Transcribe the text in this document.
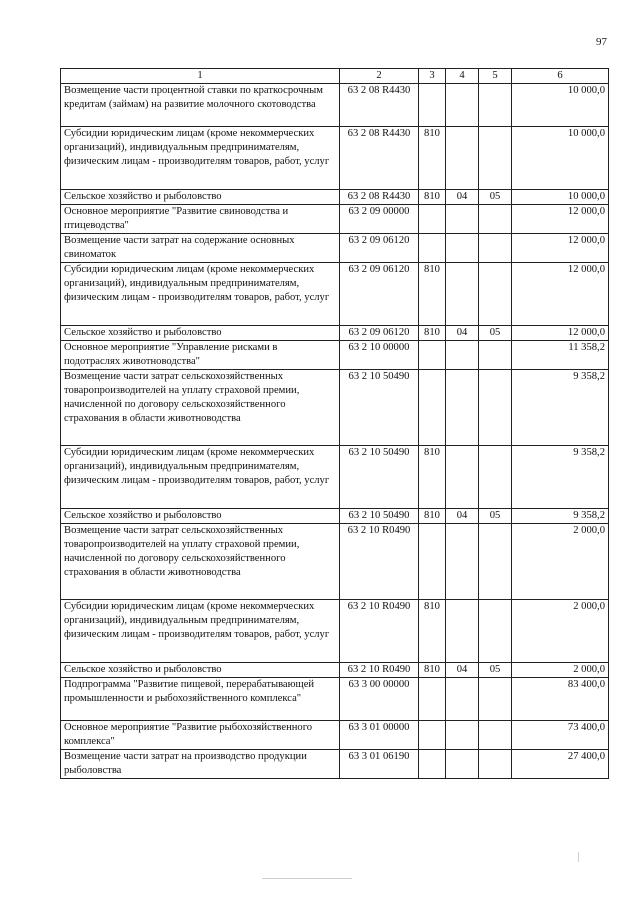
97
1	2	3	4	5	6
Возмещение части процентной ставки по краткосрочным кредитам (займам) на развитие молочного скотоводства	63 2 08 R4430				10 000,0
Субсидии юридическим лицам (кроме некоммерческих организаций), индивидуальным предпринимателям, физическим лицам - производителям товаров, работ, услуг	63 2 08 R4430	810			10 000,0
Сельское хозяйство и рыболовство	63 2 08 R4430	810	04	05	10 000,0
Основное мероприятие "Развитие свиноводства и птицеводства"	63 2 09 00000				12 000,0
Возмещение части затрат на содержание основных свиноматок	63 2 09 06120				12 000,0
Субсидии юридическим лицам (кроме некоммерческих организаций), индивидуальным предпринимателям, физическим лицам - производителям товаров, работ, услуг	63 2 09 06120	810			12 000,0
Сельское хозяйство и рыболовство	63 2 09 06120	810	04	05	12 000,0
Основное мероприятие "Управление рисками в подотраслях животноводства"	63 2 10 00000				11 358,2
Возмещение части затрат сельскохозяйственных товаропроизводителей на уплату страховой премии, начисленной по договору сельскохозяйственного страхования в области животноводства	63 2 10 50490				9 358,2
Субсидии юридическим лицам (кроме некоммерческих организаций), индивидуальным предпринимателям, физическим лицам - производителям товаров, работ, услуг	63 2 10 50490	810			9 358,2
Сельское хозяйство и рыболовство	63 2 10 50490	810	04	05	9 358,2
Возмещение части затрат сельскохозяйственных товаропроизводителей на уплату страховой премии, начисленной по договору сельскохозяйственного страхования в области животноводства	63 2 10 R0490				2 000,0
Субсидии юридическим лицам (кроме некоммерческих организаций), индивидуальным предпринимателям, физическим лицам - производителям товаров, работ, услуг	63 2 10 R0490	810			2 000,0
Сельское хозяйство и рыболовство	63 2 10 R0490	810	04	05	2 000,0
Подпрограмма "Развитие пищевой, перерабатывающей промышленности и рыбохозяйственного комплекса"	63 3 00 00000				83 400,0
Основное мероприятие "Развитие рыбохозяйственного комплекса"	63 3 01 00000				73 400,0
Возмещение части затрат на производство продукции рыболовства	63 3 01 06190				27 400,0
